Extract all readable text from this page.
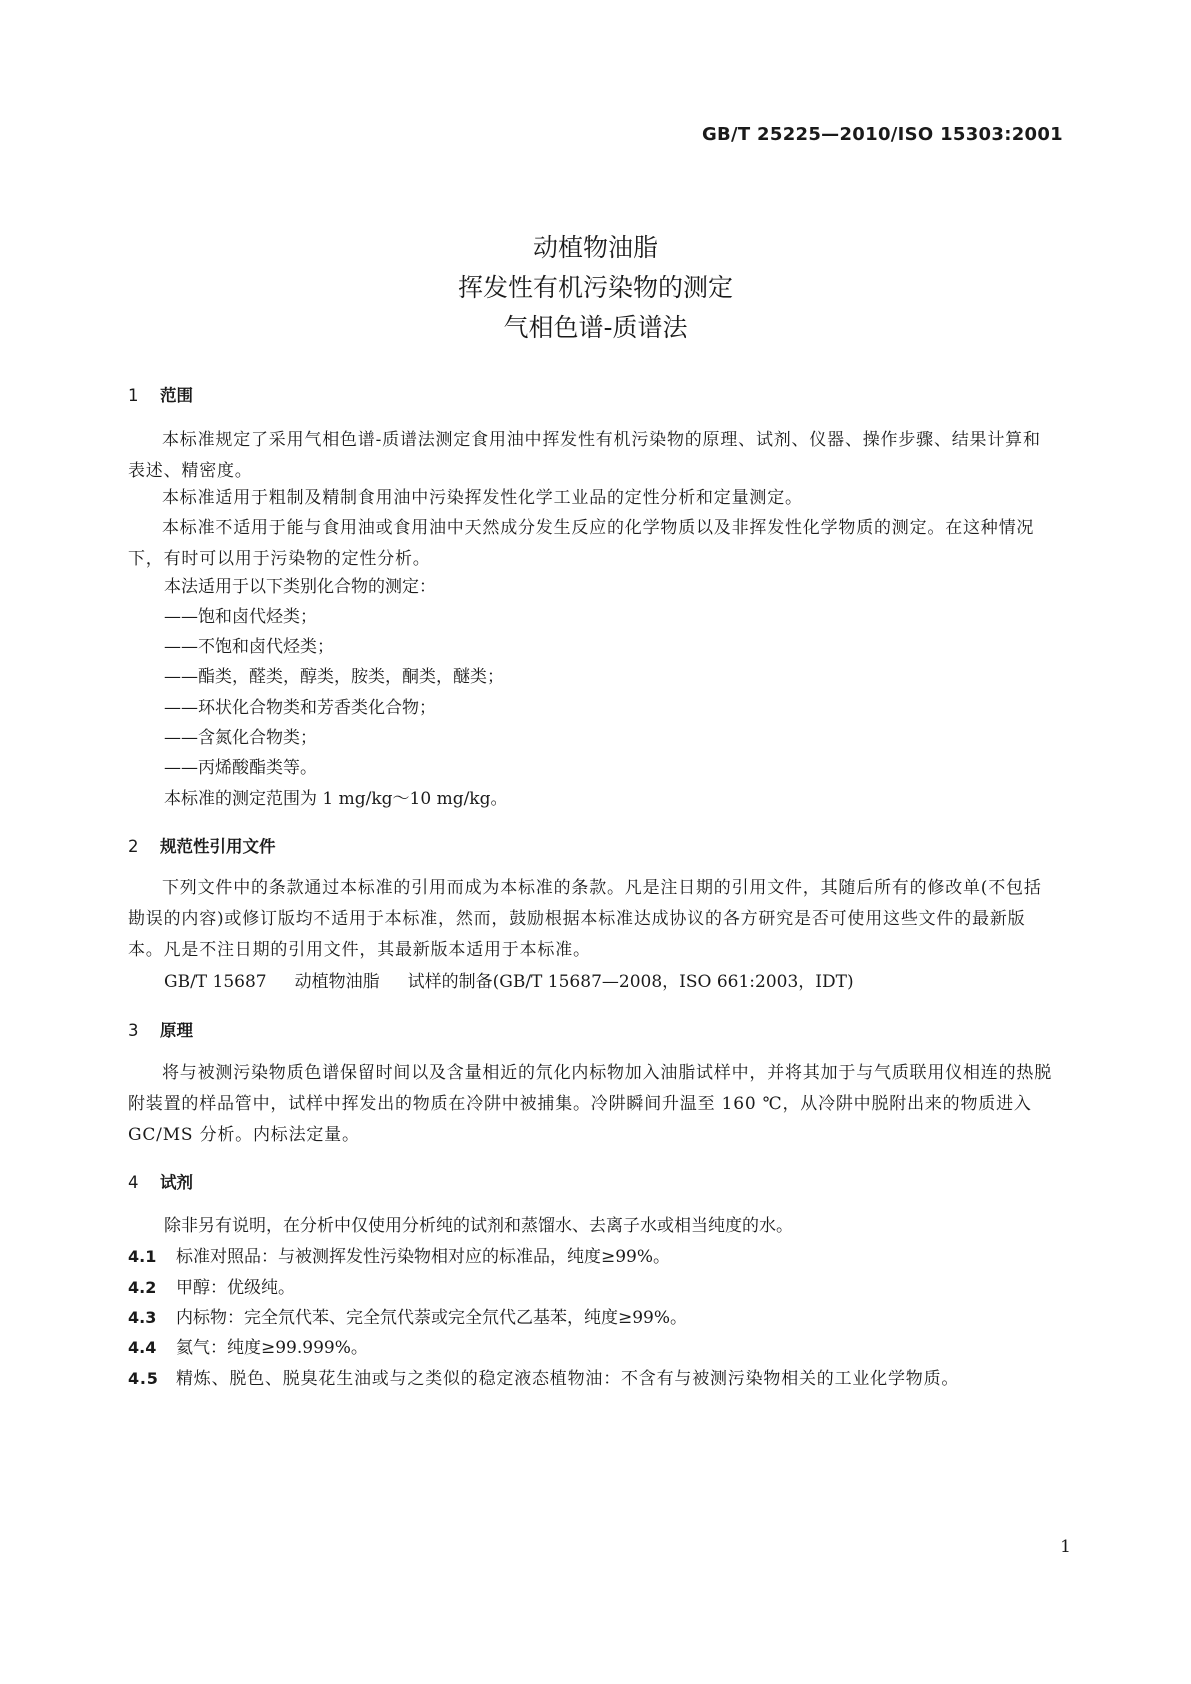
GB/T 25225—2010/ISO 15303:2001

动植物油脂

挥发性有机污染物的测定

气相色谱-质谱法

1 范围

本标准规定了采用气相色谱-质谱法测定食用油中挥发性有机污染物的原理、试剂、仪器、操作步骤、结果计算和表述、精密度。

本标准适用于粗制及精制食用油中污染挥发性化学工业品的定性分析和定量测定。

本标准不适用于能与食用油或食用油中天然成分发生反应的化学物质以及非挥发性化学物质的测定。在这种情况下，有时可以用于污染物的定性分析。

本法适用于以下类别化合物的测定：

——饱和卤代烃类；

——不饱和卤代烃类；

——酯类，醛类，醇类，胺类，酮类，醚类；

——环状化合物类和芳香类化合物；

——含氮化合物类；

——丙烯酸酯类等。

本标准的测定范围为 1 mg/kg～10 mg/kg。

2 规范性引用文件

下列文件中的条款通过本标准的引用而成为本标准的条款。凡是注日期的引用文件，其随后所有的修改单(不包括勘误的内容)或修订版均不适用于本标准，然而，鼓励根据本标准达成协议的各方研究是否可使用这些文件的最新版本。凡是不注日期的引用文件，其最新版本适用于本标准。

GB/T 15687 动植物油脂 试样的制备(GB/T 15687—2008，ISO 661:2003，IDT)

3 原理

将与被测污染物质色谱保留时间以及含量相近的氘化内标物加入油脂试样中，并将其加于与气质联用仪相连的热脱附装置的样品管中，试样中挥发出的物质在冷阱中被捕集。冷阱瞬间升温至 160 ℃，从冷阱中脱附出来的物质进入 GC/MS 分析。内标法定量。

4 试剂

除非另有说明，在分析中仅使用分析纯的试剂和蒸馏水、去离子水或相当纯度的水。

4.1 标准对照品：与被测挥发性污染物相对应的标准品，纯度≥99%。

4.2 甲醇：优级纯。

4.3 内标物：完全氘代苯、完全氘代萘或完全氘代乙基苯，纯度≥99%。

4.4 氦气：纯度≥99.999%。

4.5 精炼、脱色、脱臭花生油或与之类似的稳定液态植物油：不含有与被测污染物相关的工业化学物质。

1
